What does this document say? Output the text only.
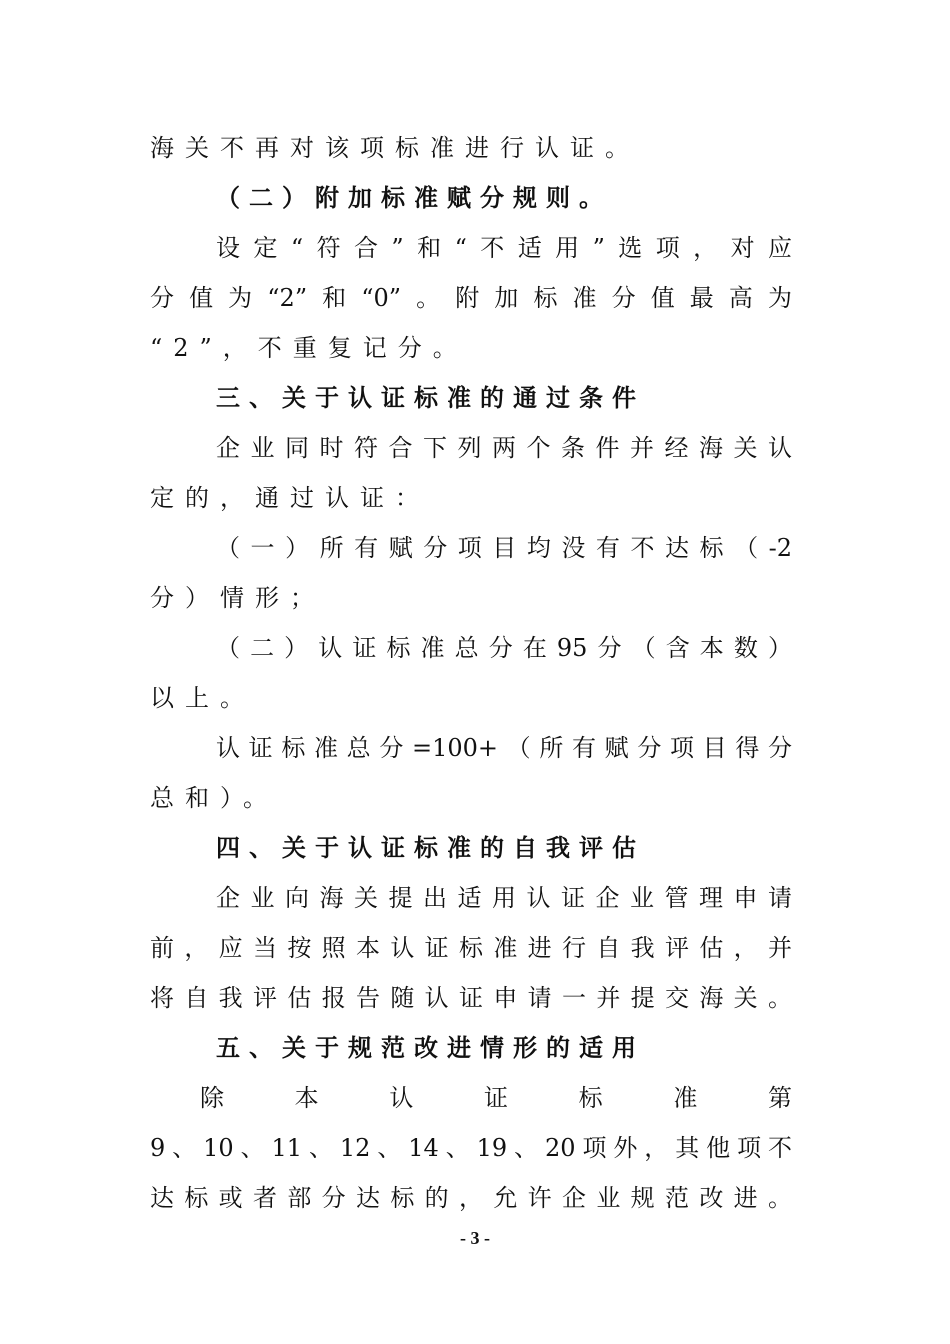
海关不再对该项标准进行认证。
（二）附加标准赋分规则。
设定“符合”和“不适用”选项，对应
分值为“2”和“0”。附加标准分值最高为
“2”，不重复记分。
三、关于认证标准的通过条件
企业同时符合下列两个条件并经海关认
定的，通过认证：
（一）所有赋分项目均没有不达标（-2
分）情形；
（二）认证标准总分在95分（含本数）
以上。
认证标准总分=100+（所有赋分项目得分
总和）。
四、关于认证标准的自我评估
企业向海关提出适用认证企业管理申请
前，应当按照本认证标准进行自我评估，并
将自我评估报告随认证申请一并提交海关。
五、关于规范改进情形的适用
除本认证标准第
9、10、11、12、14、19、20项外，其他项不
达标或者部分达标的，允许企业规范改进。
- 3 -
